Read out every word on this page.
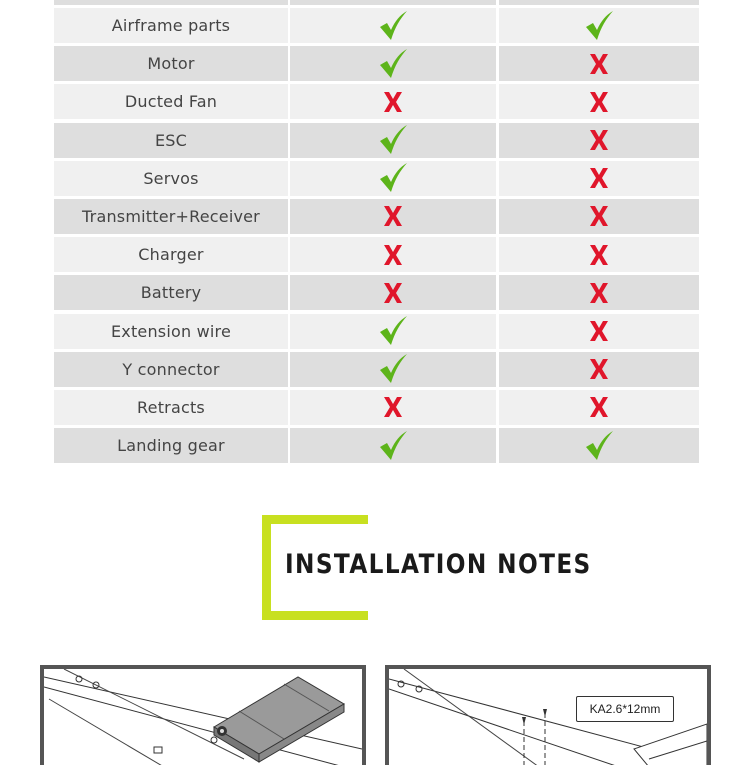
Airframe parts
Motor
Ducted Fan
ESC
Servos
Transmitter+Receiver
Charger
Battery
Extension wire
Y connector
Retracts
Landing gear
INSTALLATION NOTES
KA2.6*12mm
